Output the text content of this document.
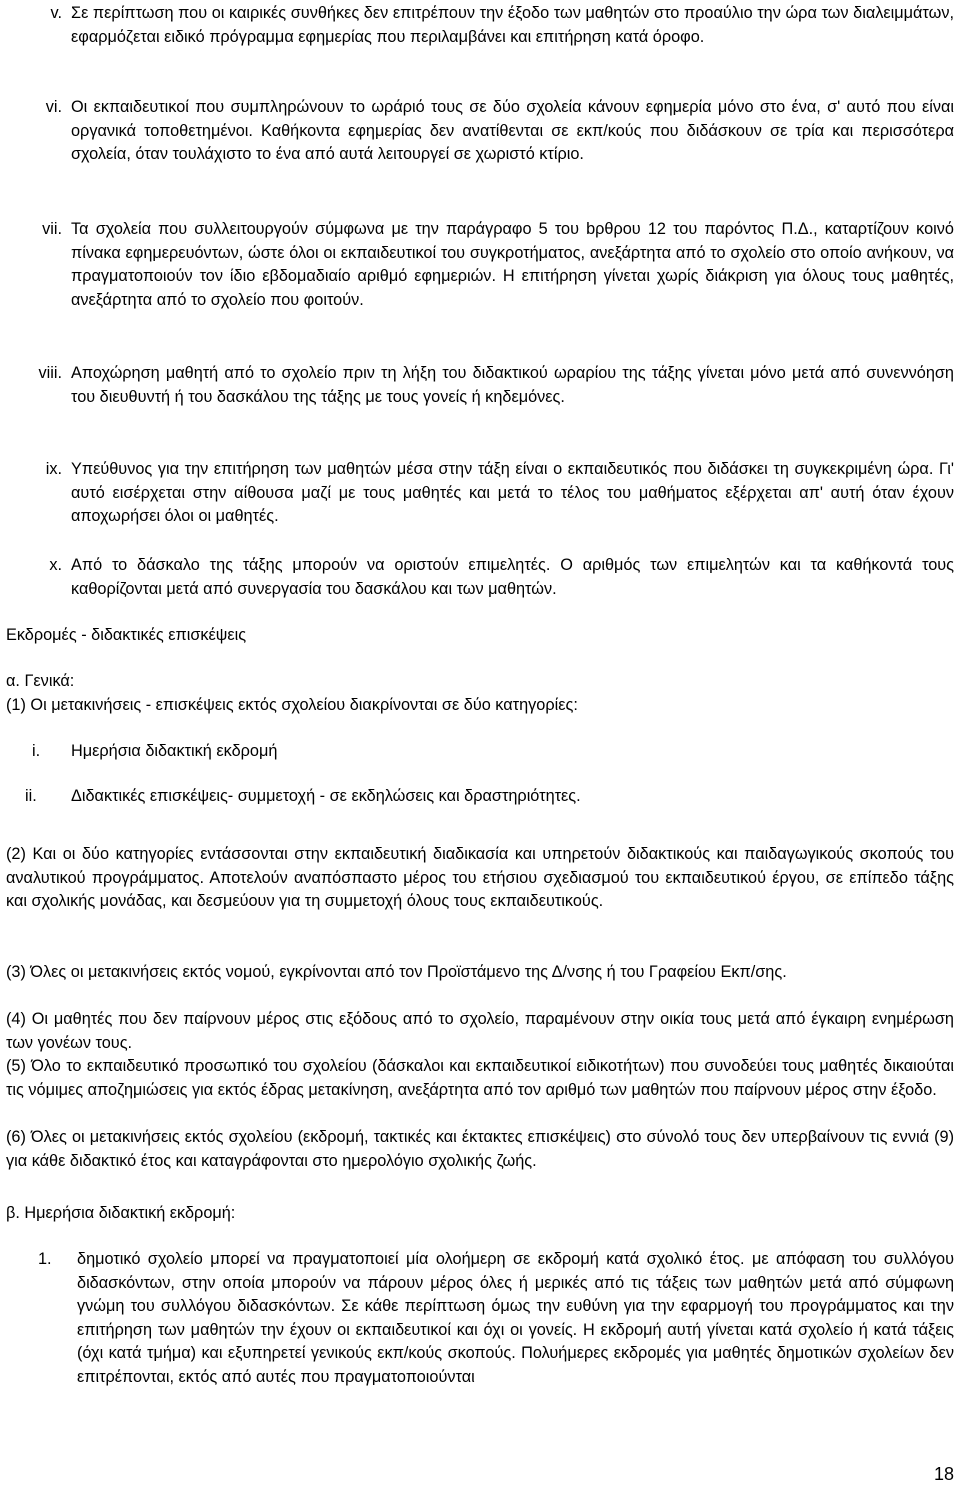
v. Σε περίπτωση που οι καιρικές συνθήκες δεν επιτρέπουν την έξοδο των μαθητών στο προαύλιο την ώρα των διαλειμμάτων, εφαρμόζεται ειδικό πρόγραμμα εφημερίας που περιλαμβάνει και επιτήρηση κατά όροφο.
vi. Οι εκπαιδευτικοί που συμπληρώνουν το ωράριό τους σε δύο σχολεία κάνουν εφημερία μόνο στο ένα, σ' αυτό που είναι οργανικά τοποθετημένοι. Καθήκοντα εφημερίας δεν ανατίθενται σε εκπ/κούς που διδάσκουν σε τρία και περισσότερα σχολεία, όταν τουλάχιστο το ένα από αυτά λειτουργεί σε χωριστό κτίριο.
vii. Τα σχολεία που συλλειτουργούν σύμφωνα με την παράγραφο 5 του bρθρου 12 του παρόντος Π.Δ., καταρτίζουν κοινό πίνακα εφημερευόντων, ώστε όλοι οι εκπαιδευτικοί του συγκροτήματος, ανεξάρτητα από το σχολείο στο οποίο ανήκουν, να πραγματοποιούν τον ίδιο εβδομαδιαίο αριθμό εφημεριών. Η επιτήρηση γίνεται χωρίς διάκριση για όλους τους μαθητές, ανεξάρτητα από το σχολείο που φοιτούν.
viii. Αποχώρηση μαθητή από το σχολείο πριν τη λήξη του διδακτικού ωραρίου της τάξης γίνεται μόνο μετά από συνεννόηση του διευθυντή ή του δασκάλου της τάξης με τους γονείς ή κηδεμόνες.
ix. Υπεύθυνος για την επιτήρηση των μαθητών μέσα στην τάξη είναι ο εκπαιδευτικός που διδάσκει τη συγκεκριμένη ώρα. Γι' αυτό εισέρχεται στην αίθουσα μαζί με τους μαθητές και μετά το τέλος του μαθήματος εξέρχεται απ' αυτή όταν έχουν αποχωρήσει όλοι οι μαθητές.
x. Από το δάσκαλο της τάξης μπορούν να οριστούν επιμελητές. Ο αριθμός των επιμελητών και τα καθήκοντά τους καθορίζονται μετά από συνεργασία του δασκάλου και των μαθητών.
Εκδρομές - διδακτικές επισκέψεις
α. Γενικά:
(1) Οι μετακινήσεις - επισκέψεις εκτός σχολείου διακρίνονται σε δύο κατηγορίες:
i. Ημερήσια διδακτική εκδρομή
ii. Διδακτικές επισκέψεις- συμμετοχή - σε εκδηλώσεις και δραστηριότητες.
(2) Και οι δύο κατηγορίες εντάσσονται στην εκπαιδευτική διαδικασία και υπηρετούν διδακτικούς και παιδαγωγικούς σκοπούς του αναλυτικού προγράμματος. Αποτελούν αναπόσπαστο μέρος του ετήσιου σχεδιασμού του εκπαιδευτικού έργου, σε επίπεδο τάξης και σχολικής μονάδας, και δεσμεύουν για τη συμμετοχή όλους τους εκπαιδευτικούς.
(3) Όλες οι μετακινήσεις εκτός νομού, εγκρίνονται από τον Προϊστάμενο της Δ/νσης ή του Γραφείου Εκπ/σης.
(4) Οι μαθητές που δεν παίρνουν μέρος στις εξόδους από το σχολείο, παραμένουν στην οικία τους μετά από έγκαιρη ενημέρωση των γονέων τους.
(5) Όλο το εκπαιδευτικό προσωπικό του σχολείου (δάσκαλοι και εκπαιδευτικοί ειδικοτήτων) που συνοδεύει τους μαθητές δικαιούται τις νόμιμες αποζημιώσεις για εκτός έδρας μετακίνηση, ανεξάρτητα από τον αριθμό των μαθητών που παίρνουν μέρος στην έξοδο.
(6) Όλες οι μετακινήσεις εκτός σχολείου (εκδρομή, τακτικές και έκτακτες επισκέψεις) στο σύνολό τους δεν υπερβαίνουν τις εννιά (9) για κάθε διδακτικό έτος και καταγράφονται στο ημερολόγιο σχολικής ζωής.
β. Ημερήσια διδακτική εκδρομή:
1. δημοτικό σχολείο μπορεί να πραγματοποιεί μία ολοήμερη σε εκδρομή κατά σχολικό έτος. με απόφαση του συλλόγου διδασκόντων, στην οποία μπορούν να πάρουν μέρος όλες ή μερικές από τις τάξεις των μαθητών μετά από σύμφωνη γνώμη του συλλόγου διδασκόντων. Σε κάθε περίπτωση όμως την ευθύνη για την εφαρμογή του προγράμματος και την επιτήρηση των μαθητών την έχουν οι εκπαιδευτικοί και όχι οι γονείς. Η εκδρομή αυτή γίνεται κατά σχολείο ή κατά τάξεις (όχι κατά τμήμα) και εξυπηρετεί γενικούς εκπ/κούς σκοπούς. Πολυήμερες εκδρομές για μαθητές δημοτικών σχολείων δεν επιτρέπονται, εκτός από αυτές που πραγματοποιούνται
18
